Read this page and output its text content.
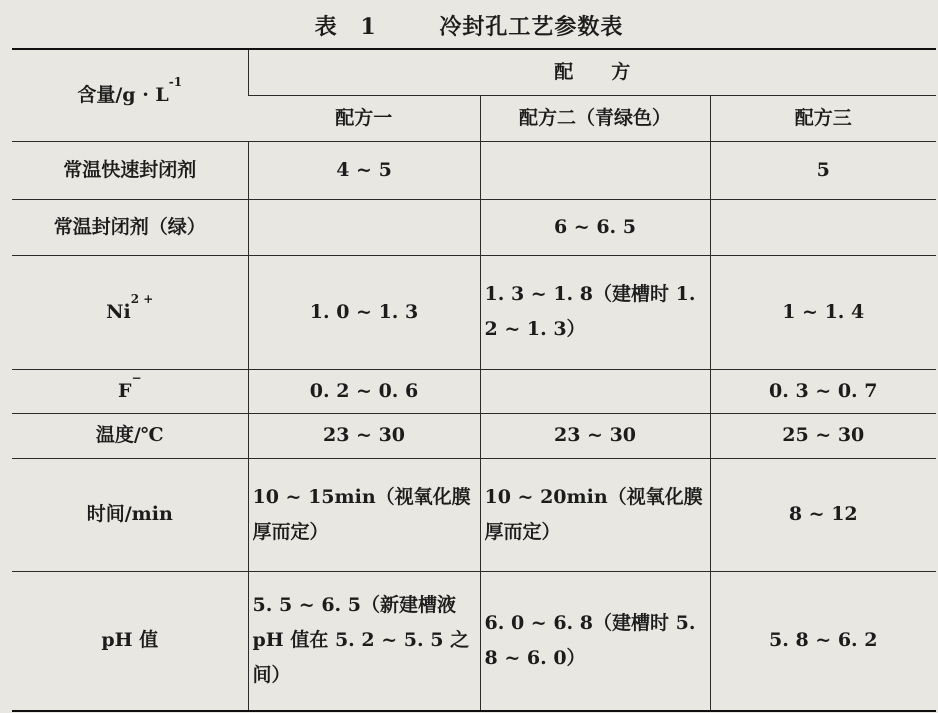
表 1	冷封孔工艺参数表
含量$/g \cdot L^{-1}$	配　　方		
	配方一	配方二（青绿色）	配方三
常温快速封闭剂	4 ~ 5		5
常温封闭剂（绿）		6 ~ 6. 5	
$Ni^{2 +}$	1. 0 ~ 1. 3	1. 3 ~ 1. 8（建槽时 1. 2 ~ 1. 3）	1 ~ 1. 4
F−	0. 2 ~ 0. 6		0. 3 ~ 0. 7
温度/℃	23 ~ 30	23 ~ 30	25 ~ 30
时间/min	10 ~ 15min（视氧化膜厚而定）	10 ~ 20min（视氧化膜厚而定）	8 ~ 12
pH 值	5. 5 ~ 6. 5（新建槽液 pH 值在 5. 2 ~ 5. 5 之间）	6. 0 ~ 6. 8（建槽时 5. 8 ~ 6. 0）	5. 8 ~ 6. 2
